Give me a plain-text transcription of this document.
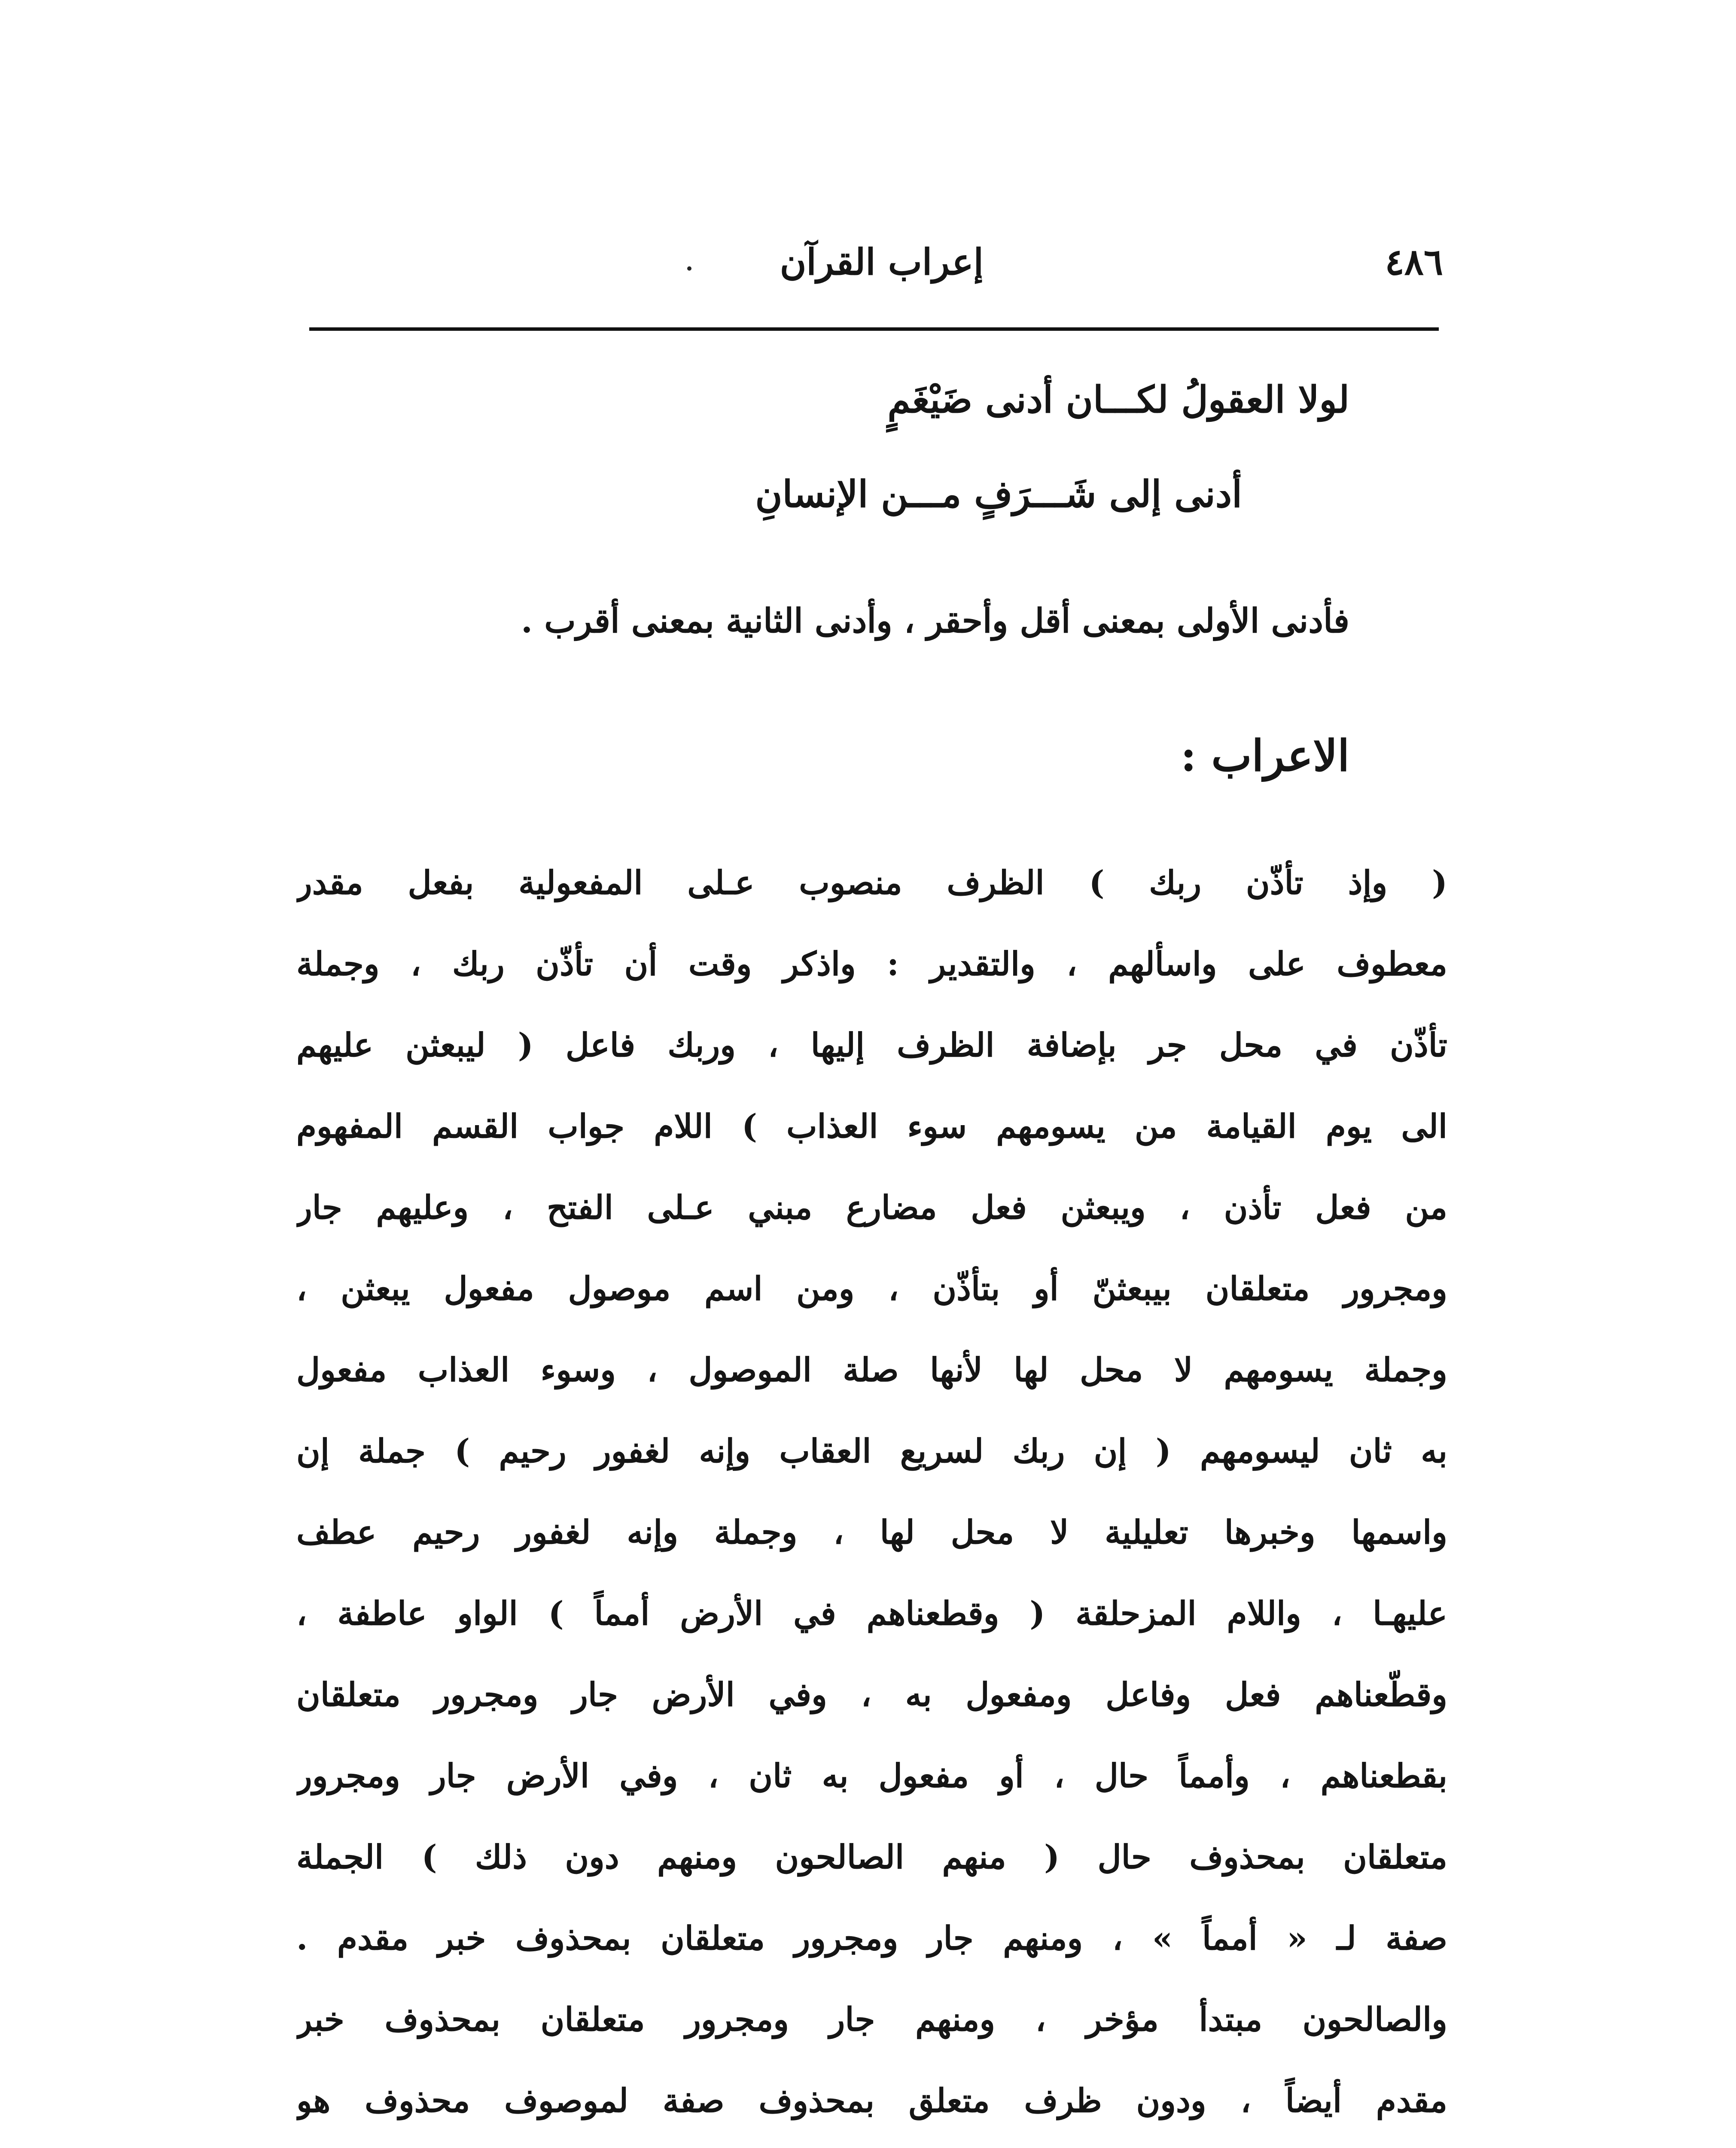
٤٨٦
إعراب القرآن
لولا العقولُ لكـــان أدنى ضَيْغَمٍ
أدنى إلى شَـــرَفٍ مـــن الإنسانِ
فأدنى الأولى بمعنى أقل وأحقر ، وأدنى الثانية بمعنى أقرب .
الاعراب :
( وإذ تأذّن ربك ) الظرف منصوب عـلى المفعولية بفعل مقدر
معطوف على واسألهم ، والتقدير : واذكر وقت أن تأذّن ربك ، وجملة
تأذّن في محل جر بإضافة الظرف إليها ، وربك فاعل ( ليبعثن عليهم
الى يوم القيامة من يسومهم سوء العذاب ) اللام جواب القسم المفهوم
من فعل تأذن ، ويبعثن فعل مضارع مبني عـلى الفتح ، وعليهم جار
ومجرور متعلقان بيبعثنّ أو بتأذّن ، ومن اسم موصول مفعول يبعثن ،
وجملة يسومهم لا محل لها لأنها صلة الموصول ، وسوء العذاب مفعول
به ثان ليسومهم ( إن ربك لسريع العقاب وإنه لغفور رحيم ) جملة إن
واسمها وخبرها تعليلية لا محل لها ، وجملة وإنه لغفور رحيم عطف
عليهـا ، واللام المزحلقة ( وقطعناهم في الأرض أمماً ) الواو عاطفة ،
وقطّعناهم فعل وفاعل ومفعول به ، وفي الأرض جار ومجرور متعلقان
بقطعناهم ، وأمماً حال ، أو مفعول به ثان ، وفي الأرض جار ومجرور
متعلقان بمحذوف حال ( منهم الصالحون ومنهم دون ذلك ) الجملة
صفة لـ « أمماً » ، ومنهم جار ومجرور متعلقان بمحذوف خبر مقدم .
والصالحون مبتدأ مؤخر ، ومنهم جار ومجرور متعلقان بمحذوف خبر
مقدم أيضاً ، ودون ظرف متعلق بمحذوف صفة لموصوف محذوف هو
